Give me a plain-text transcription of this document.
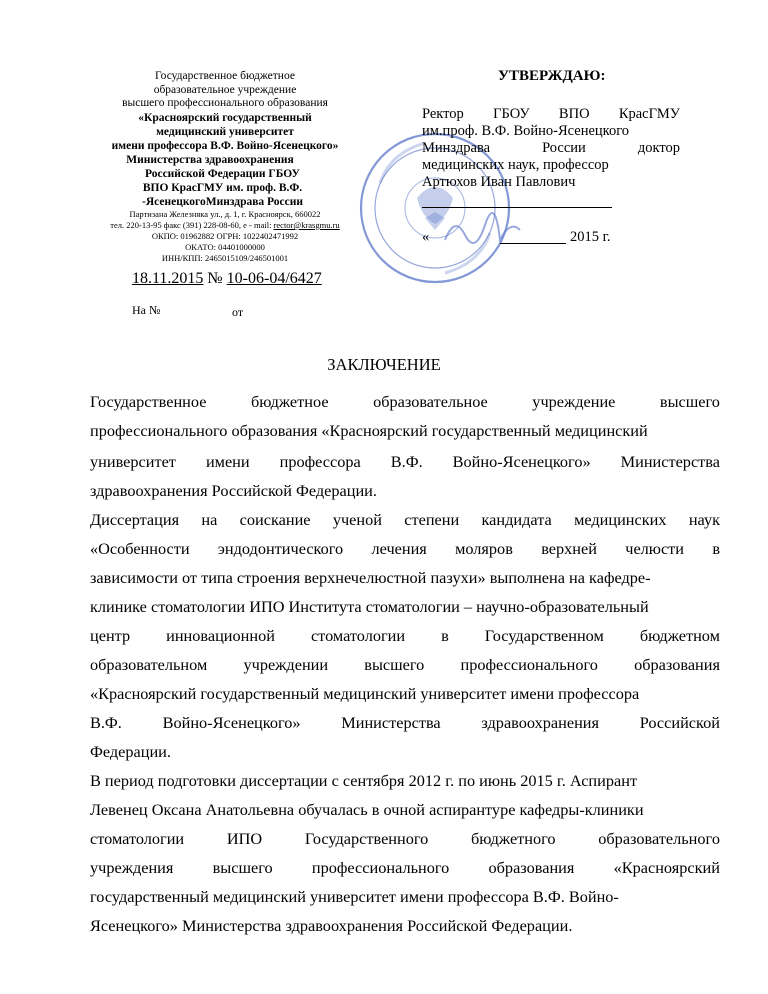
Государственное бюджетное
образовательное учреждение
высшего профессионального образования
«Красноярский государственный
медицинский университет
имени профессора В.Ф. Войно-Ясенецкого»
Министерства здравоохранения
Российской Федерации ГБОУ
ВПО КрасГМУ им. проф. В.Ф.
-ЯсенецкогоМинздрава России
Партизана Железняка ул., д. 1, г. Красноярск, 660022
тел. 220-13-95 факс (391) 228-08-60, е - mail: rector@krasgmu.ru
ОКПО: 01962882 ОГРН: 1022402471992
ОКАТО: 04401000000
ИНН/КПП: 2465015109/246501001
18.11.2015 № 10-06-04/6427
На №	от
УТВЕРЖДАЮ:
Ректор ГБОУ ВПО КрасГМУ
им.проф. В.Ф. Войно-Ясенецкого
Минздрава	России	доктор
медицинских наук, профессор
Артюхов Иван Павлович
«	2015 г.
ЗАКЛЮЧЕНИЕ
Государственное	бюджетное	образовательное	учреждение	высшего
профессионального образования «Красноярский государственный медицинский
университет имени профессора В.Ф. Войно-Ясенецкого» Министерства
здравоохранения Российской Федерации.
Диссертация на соискание ученой степени кандидата медицинских наук
«Особенности эндодонтического лечения моляров верхней челюсти в
зависимости от типа строения верхнечелюстной пазухи» выполнена на кафедре-
клинике стоматологии ИПО Института стоматологии – научно-образовательный
центр инновационной стоматологии в Государственном бюджетном
образовательном учреждении высшего профессионального образования
«Красноярский государственный медицинский университет имени профессора
В.Ф. Войно-Ясенецкого» Министерства здравоохранения Российской
Федерации.
В период подготовки диссертации с сентября 2012 г. по июнь 2015 г. Аспирант
Левенец Оксана Анатольевна обучалась в очной аспирантуре кафедры-клиники
стоматологии	ИПО	Государственного	бюджетного	образовательного
учреждения высшего профессионального образования «Красноярский
государственный медицинский университет имени профессора В.Ф. Войно-
Ясенецкого» Министерства здравоохранения Российской Федерации.
